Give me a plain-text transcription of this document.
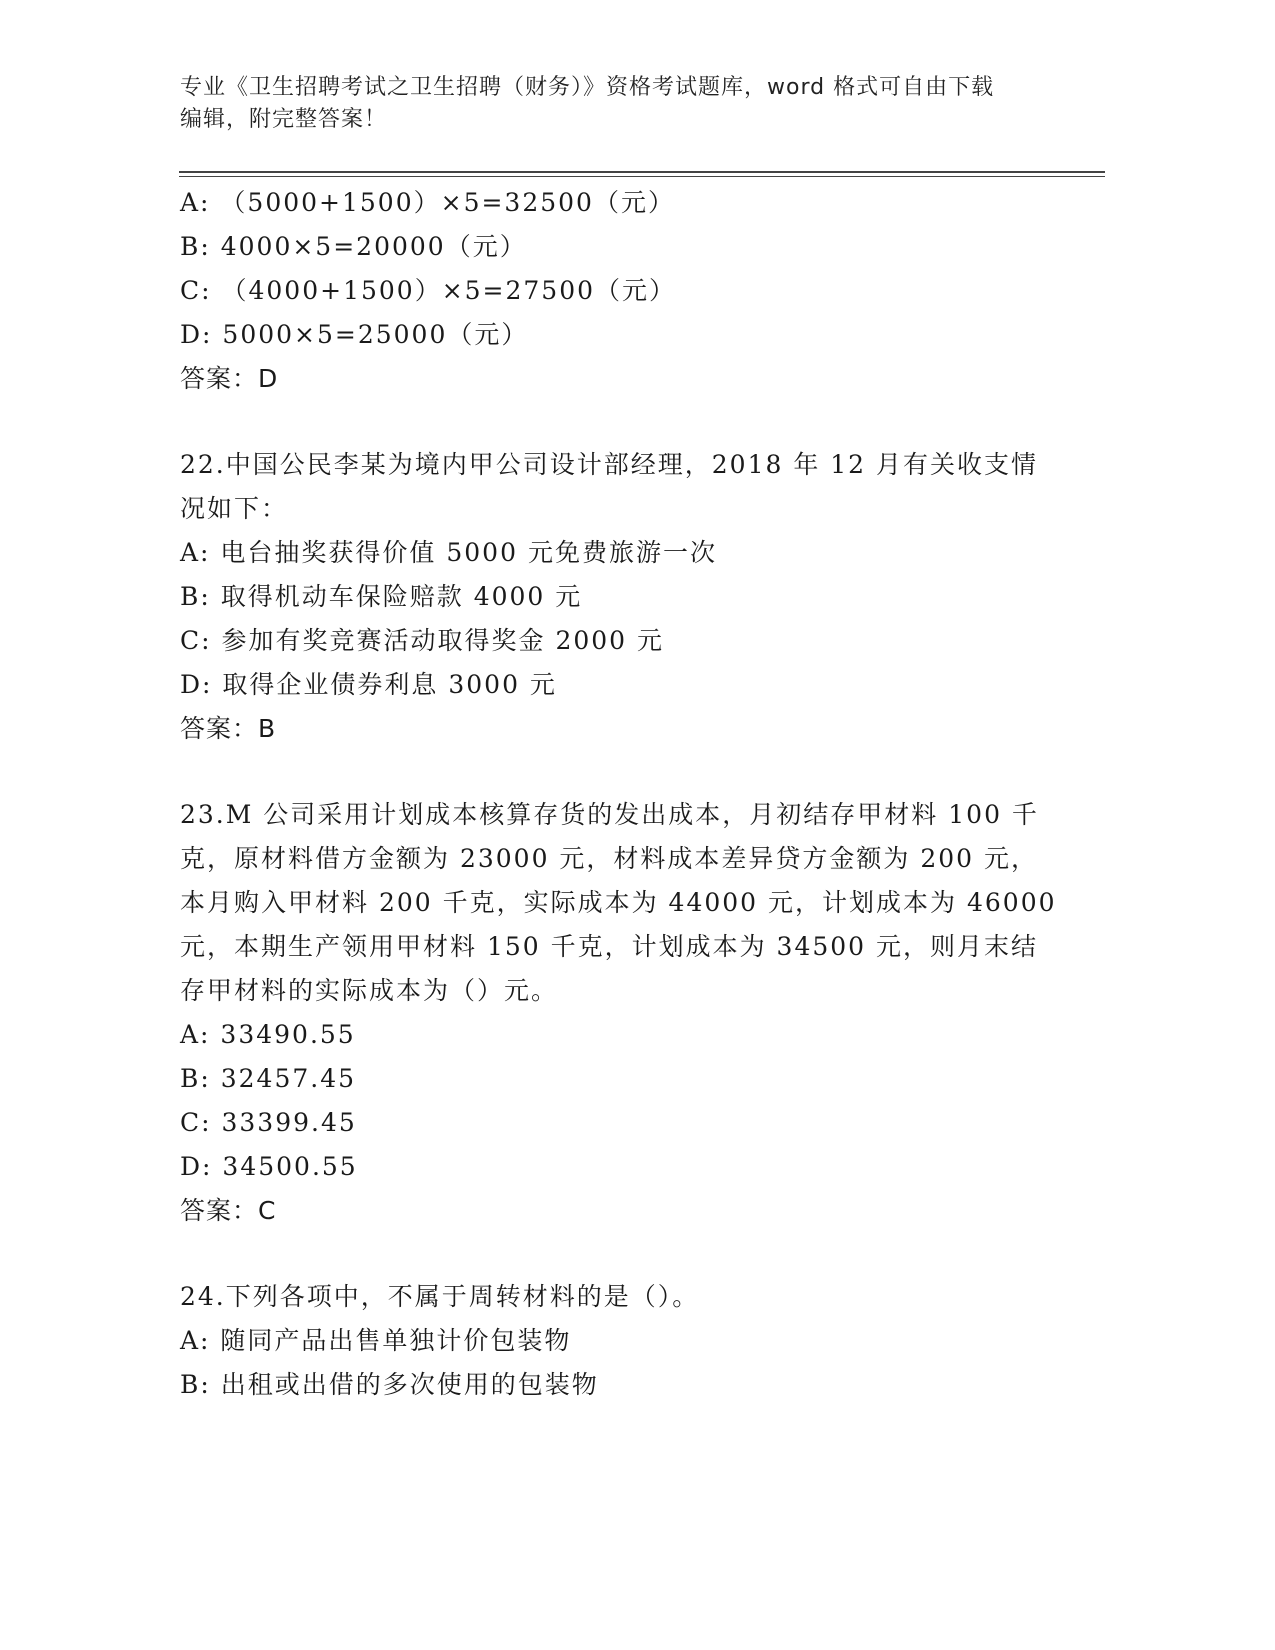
专业《卫生招聘考试之卫生招聘（财务）》资格考试题库，word 格式可自由下载
编辑，附完整答案！
A: （5000+1500）×5=32500（元）
B: 4000×5=20000（元）
C: （4000+1500）×5=27500（元）
D: 5000×5=25000（元）
答案：D
22.中国公民李某为境内甲公司设计部经理，2018 年 12 月有关收支情
况如下：
A: 电台抽奖获得价值 5000 元免费旅游一次
B: 取得机动车保险赔款 4000 元
C: 参加有奖竞赛活动取得奖金 2000 元
D: 取得企业债券利息 3000 元
答案：B
23.M 公司采用计划成本核算存货的发出成本，月初结存甲材料 100 千
克，原材料借方金额为 23000 元，材料成本差异贷方金额为 200 元，
本月购入甲材料 200 千克，实际成本为 44000 元，计划成本为 46000
元，本期生产领用甲材料 150 千克，计划成本为 34500 元，则月末结
存甲材料的实际成本为（）元。
A: 33490.55
B: 32457.45
C: 33399.45
D: 34500.55
答案：C
24.下列各项中，不属于周转材料的是（）。
A: 随同产品出售单独计价包装物
B: 出租或出借的多次使用的包装物
